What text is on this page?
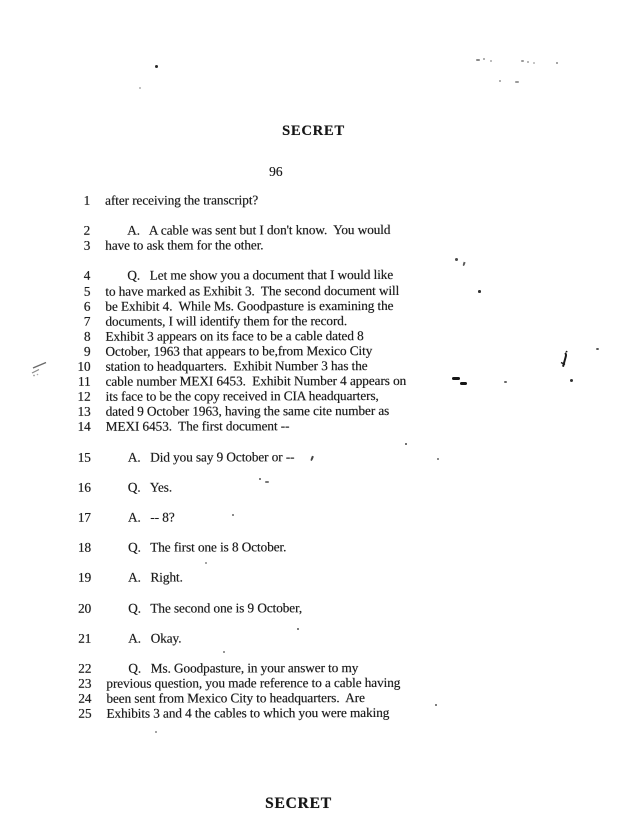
SECRET
96
1 after receiving the transcript?
2	A.   A cable was sent but I don't know.  You would
3 have to ask them for the other.
4	Q.   Let me show you a document that I would like
5 to have marked as Exhibit 3.  The second document will
6 be Exhibit 4.  While Ms. Goodpasture is examining the
7 documents, I will identify them for the record.
8 Exhibit 3 appears on its face to be a cable dated 8
9 October, 1963 that appears to be,from Mexico City
10 station to headquarters.  Exhibit Number 3 has the
11 cable number MEXI 6453.  Exhibit Number 4 appears on
12 its face to be the copy received in CIA headquarters,
13 dated 9 October 1963, having the same cite number as
14 MEXI 6453.  The first document --
15	A.   Did you say 9 October or --
16	Q.   Yes.
17	A.   -- 8?
18	Q.   The first one is 8 October.
19	A.   Right.
20	Q.   The second one is 9 October,
21	A.   Okay.
22	Q.   Ms. Goodpasture, in your answer to my
23 previous question, you made reference to a cable having
24 been sent from Mexico City to headquarters.  Are
25 Exhibits 3 and 4 the cables to which you were making
SECRET
